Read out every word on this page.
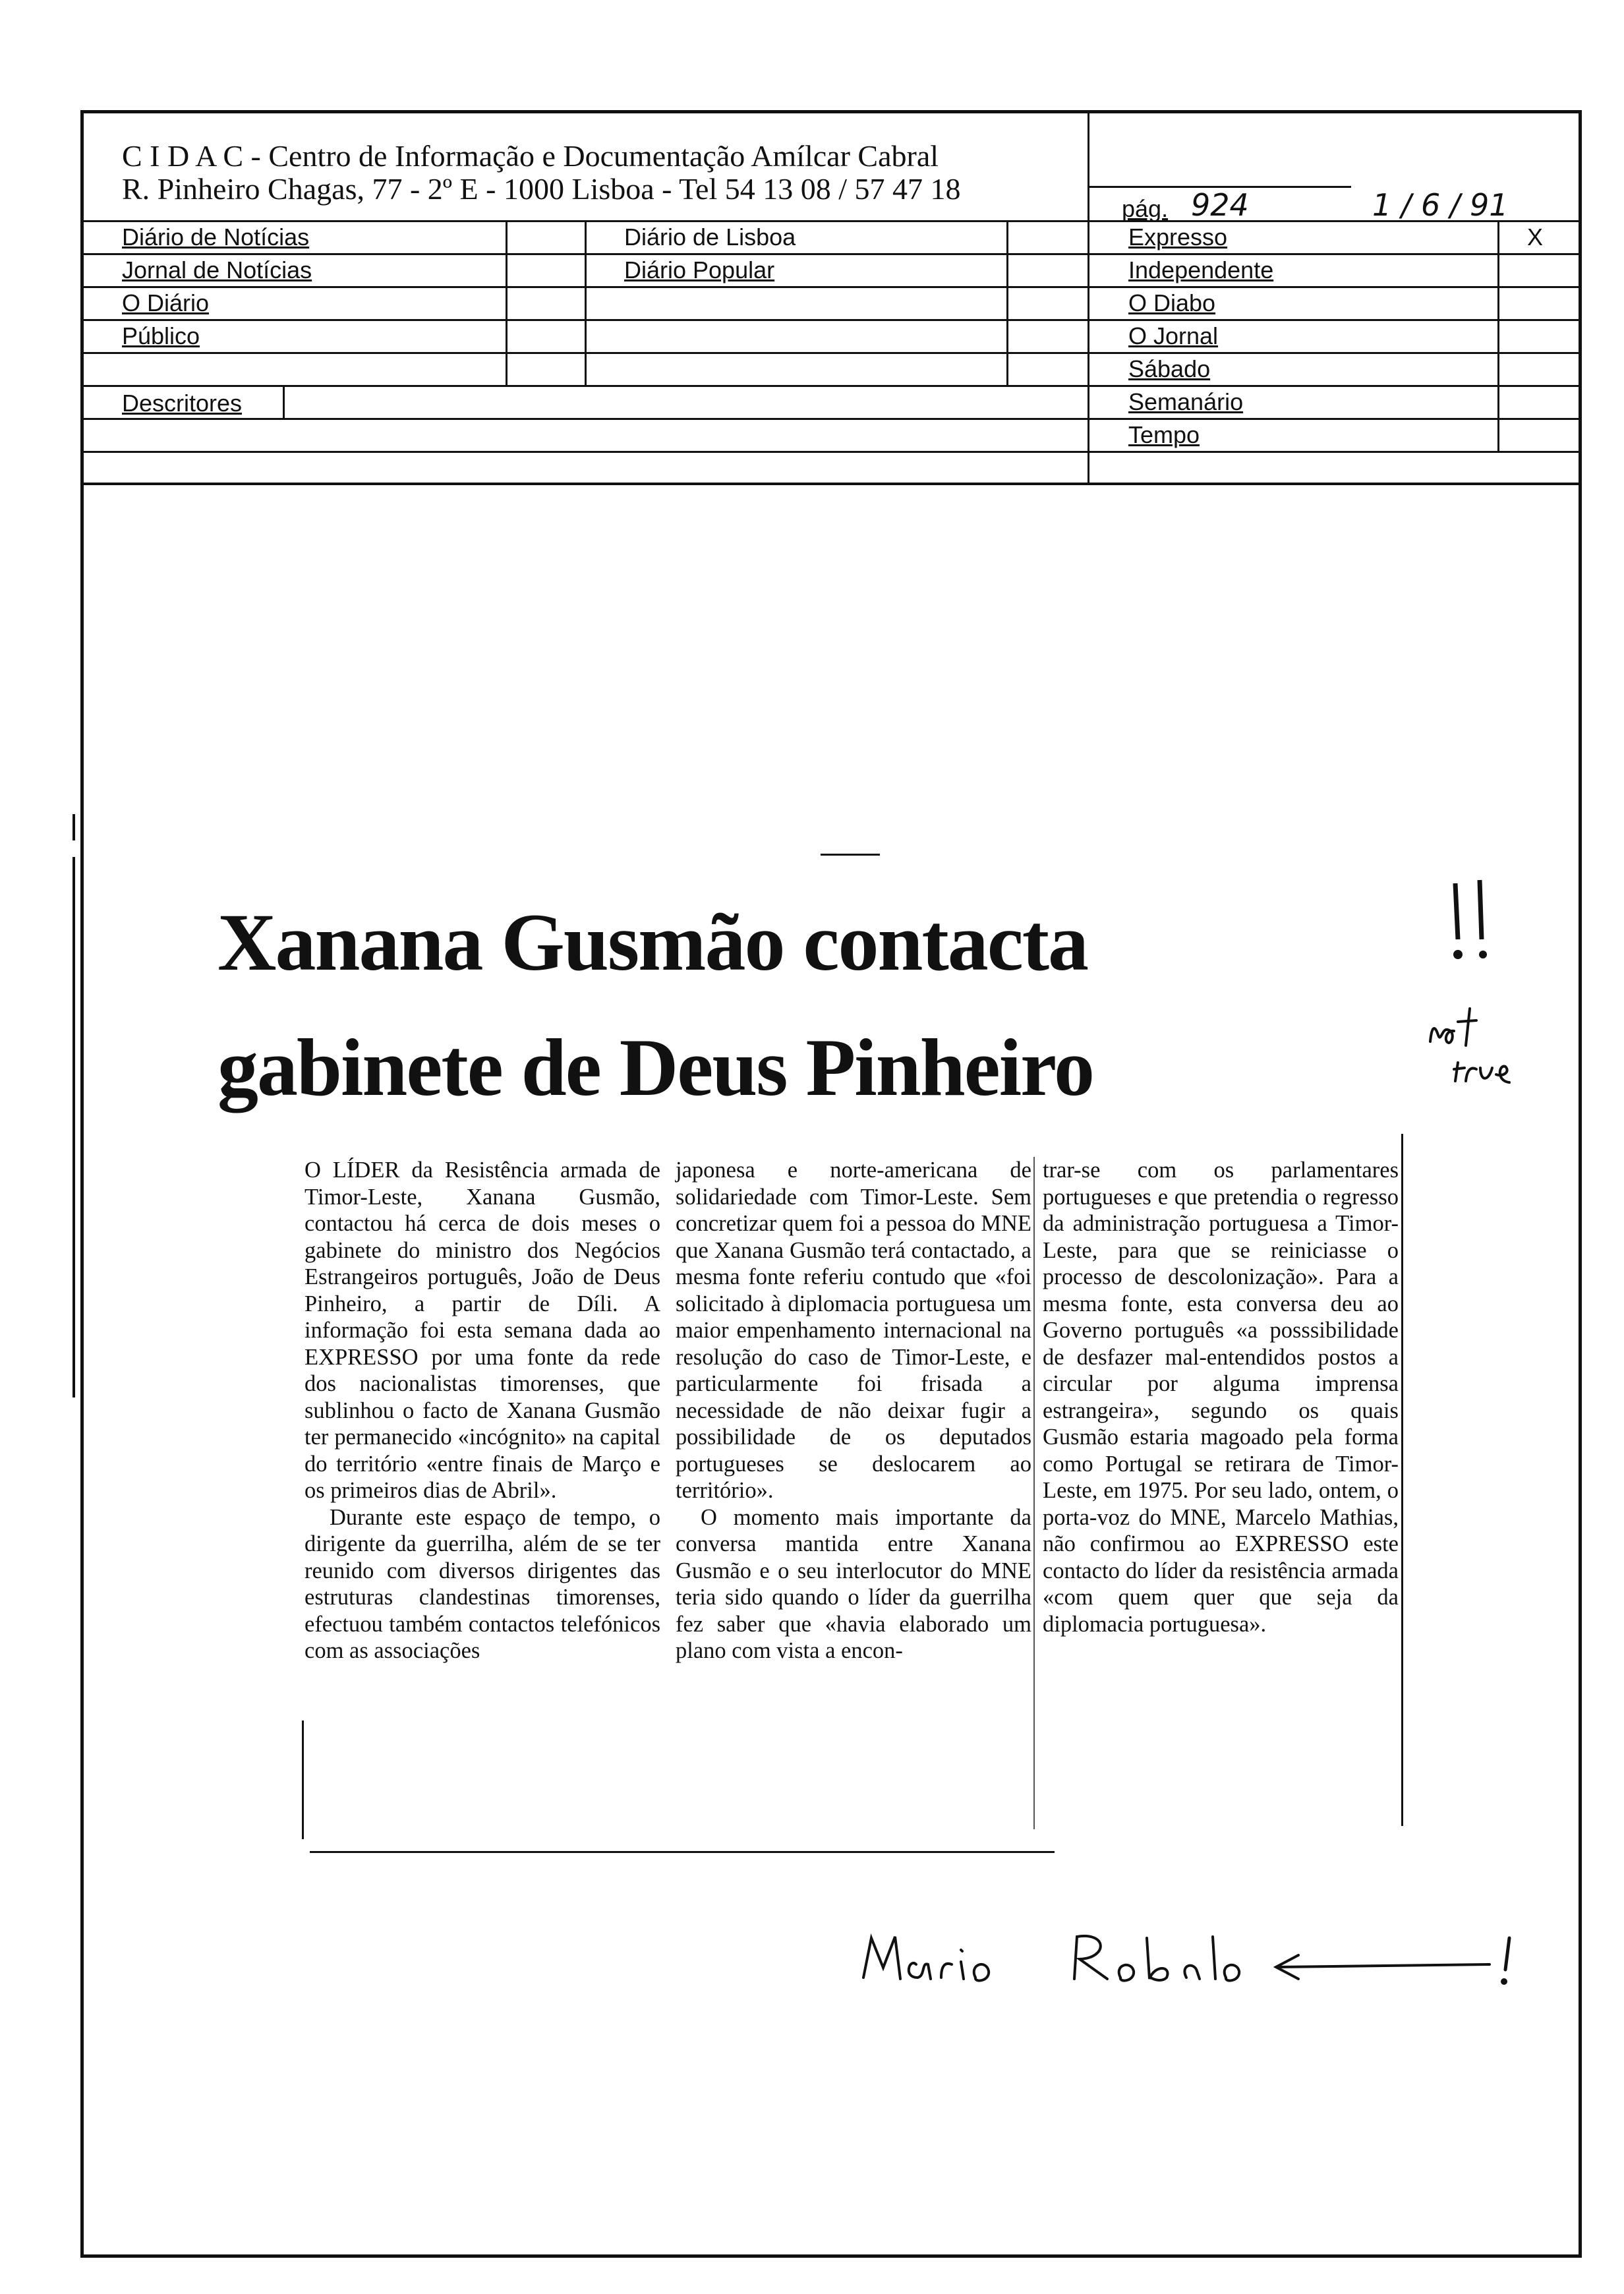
C I D A C - Centro de Informação e Documentação Amílcar Cabral
R. Pinheiro Chagas, 77 - 2º E - 1000 Lisboa - Tel 54 13 08 / 57 47 18
pág. 924	1 / 6 / 91
Diário de Notícias
Jornal de Notícias
O Diário
Público
Diário de Lisboa
Diário Popular
Descritores
Expresso
Independente
O Diabo
O Jornal
Sábado
Semanário
Tempo
X
Xanana Gusmão contacta
gabinete de Deus Pinheiro

O LÍDER da Resistência armada de Timor-Leste, Xanana Gusmão, contactou há cerca de dois meses o gabinete do ministro dos Negócios Estrangeiros português, João de Deus Pinheiro, a partir de Díli. A informação foi esta semana dada ao EXPRESSO por uma fonte da rede dos nacionalistas timorenses, que sublinhou o facto de Xanana Gusmão ter permanecido «incógnito» na capital do território «entre finais de Março e os primeiros dias de Abril».

Durante este espaço de tempo, o dirigente da guerrilha, além de se ter reunido com diversos dirigentes das estruturas clandestinas timorenses, efectuou também contactos telefónicos com as associações

japonesa e norte-americana de solidariedade com Timor-Leste. Sem concretizar quem foi a pessoa do MNE que Xanana Gusmão terá contactado, a mesma fonte referiu contudo que «foi solicitado à diplomacia portuguesa um maior empenhamento internacional na resolução do caso de Timor-Leste, e particularmente foi frisada a necessidade de não deixar fugir a possibilidade de os deputados portugueses se deslocarem ao território».

O momento mais importante da conversa mantida entre Xanana Gusmão e o seu interlocutor do MNE teria sido quando o líder da guerrilha fez saber que «havia elaborado um plano com vista a encon-

trar-se com os parlamentares portugueses e que pretendia o regresso da administração portuguesa a Timor-Leste, para que se reiniciasse o processo de descolonização». Para a mesma fonte, esta conversa deu ao Governo português «a posssibilidade de desfazer mal-entendidos postos a circular por alguma imprensa estrangeira», segundo os quais Gusmão estaria magoado pela forma como Portugal se retirara de Timor-Leste, em 1975. Por seu lado, ontem, o porta-voz do MNE, Marcelo Mathias, não confirmou ao EXPRESSO este contacto do líder da resistência armada «com quem quer que seja da diplomacia portuguesa».
